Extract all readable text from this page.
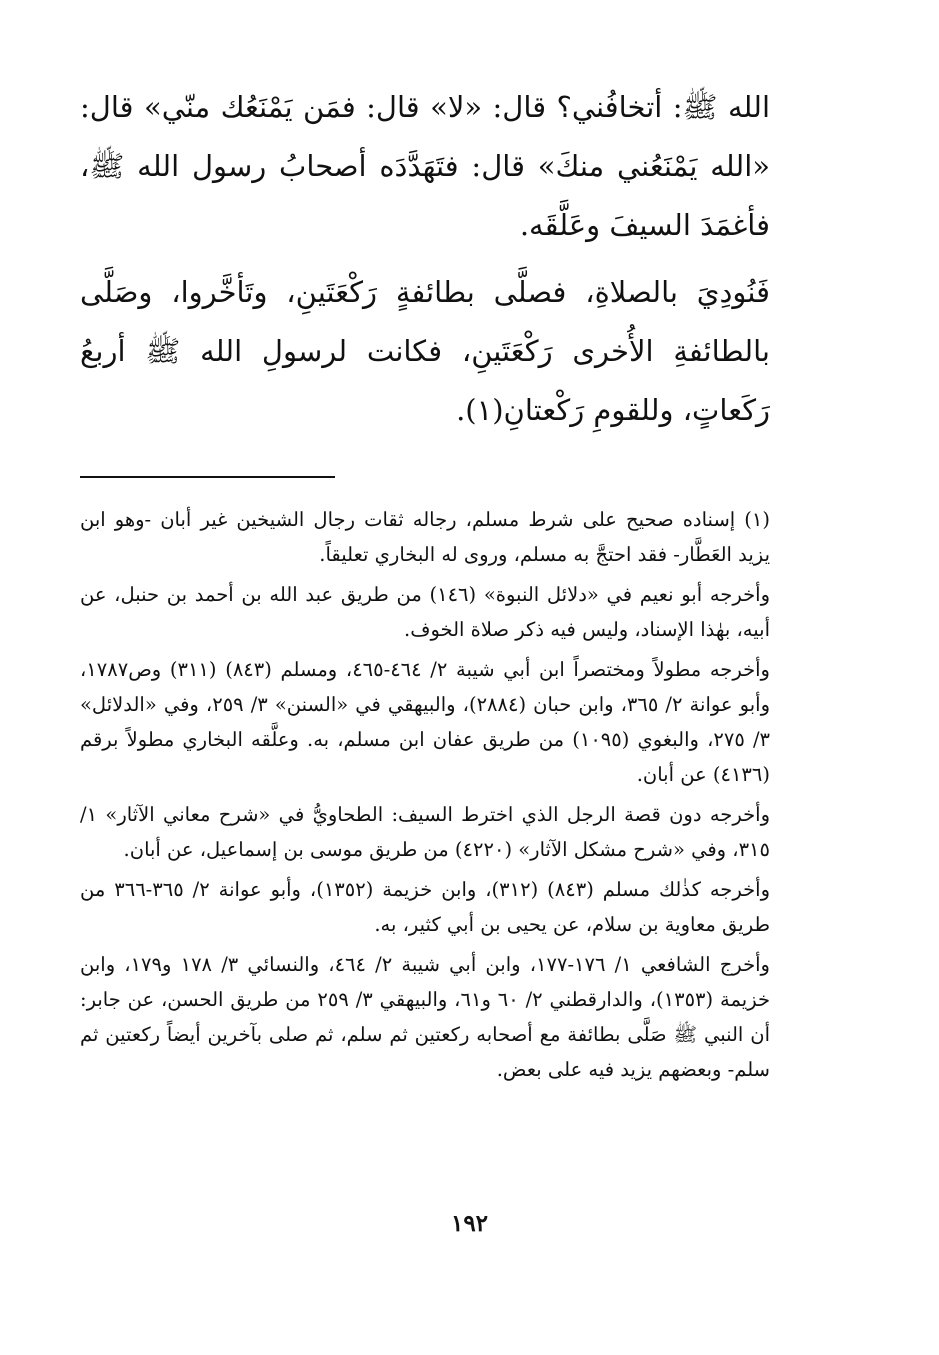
الله ﷺ: أتخافُني؟ قال: «لا» قال: فمَن يَمْنَعُك منّي» قال: «الله يَمْنَعُني منكَ» قال: فتَهَدَّدَه أصحابُ رسول الله ﷺ، فأغمَدَ السيفَ وعَلَّقَه.

فَنُودِيَ بالصلاةِ، فصلَّى بطائفةٍ رَكْعَتَينِ، وتَأخَّروا، وصَلَّى بالطائفةِ الأُخرى رَكْعَتَينِ، فكانت لرسولِ الله ﷺ أربعُ رَكَعاتٍ، وللقومِ رَكْعتانِ(١).

(١) إسناده صحيح على شرط مسلم، رجاله ثقات رجال الشيخين غير أبان -وهو ابن يزيد العَطَّار- فقد احتجَّ به مسلم، وروى له البخاري تعليقاً.

وأخرجه أبو نعيم في «دلائل النبوة» (١٤٦) من طريق عبد الله بن أحمد بن حنبل، عن أبيه، بهٰذا الإسناد، وليس فيه ذكر صلاة الخوف.

وأخرجه مطولاً ومختصراً ابن أبي شيبة ٢/ ٤٦٤-٤٦٥، ومسلم (٨٤٣) (٣١١) وص١٧٨٧، وأبو عوانة ٢/ ٣٦٥، وابن حبان (٢٨٨٤)، والبيهقي في «السنن» ٣/ ٢٥٩، وفي «الدلائل» ٣/ ٢٧٥، والبغوي (١٠٩٥) من طريق عفان ابن مسلم، به. وعلَّقه البخاري مطولاً برقم (٤١٣٦) عن أبان.

وأخرجه دون قصة الرجل الذي اخترط السيف: الطحاويُّ في «شرح معاني الآثار» ١/ ٣١٥، وفي «شرح مشكل الآثار» (٤٢٢٠) من طريق موسى بن إسماعيل، عن أبان.

وأخرجه كذٰلك مسلم (٨٤٣) (٣١٢)، وابن خزيمة (١٣٥٢)، وأبو عوانة ٢/ ٣٦٥-٣٦٦ من طريق معاوية بن سلام، عن يحيى بن أبي كثير، به.

وأخرج الشافعي ١/ ١٧٦-١٧٧، وابن أبي شيبة ٢/ ٤٦٤، والنسائي ٣/ ١٧٨ و١٧٩، وابن خزيمة (١٣٥٣)، والدارقطني ٢/ ٦٠ و٦١، والبيهقي ٣/ ٢٥٩ من طريق الحسن، عن جابر: أن النبي ﷺ صَلَّى بطائفة مع أصحابه ركعتين ثم سلم، ثم صلى بآخرين أيضاً ركعتين ثم سلم- وبعضهم يزيد فيه على بعض.

١٩٢
